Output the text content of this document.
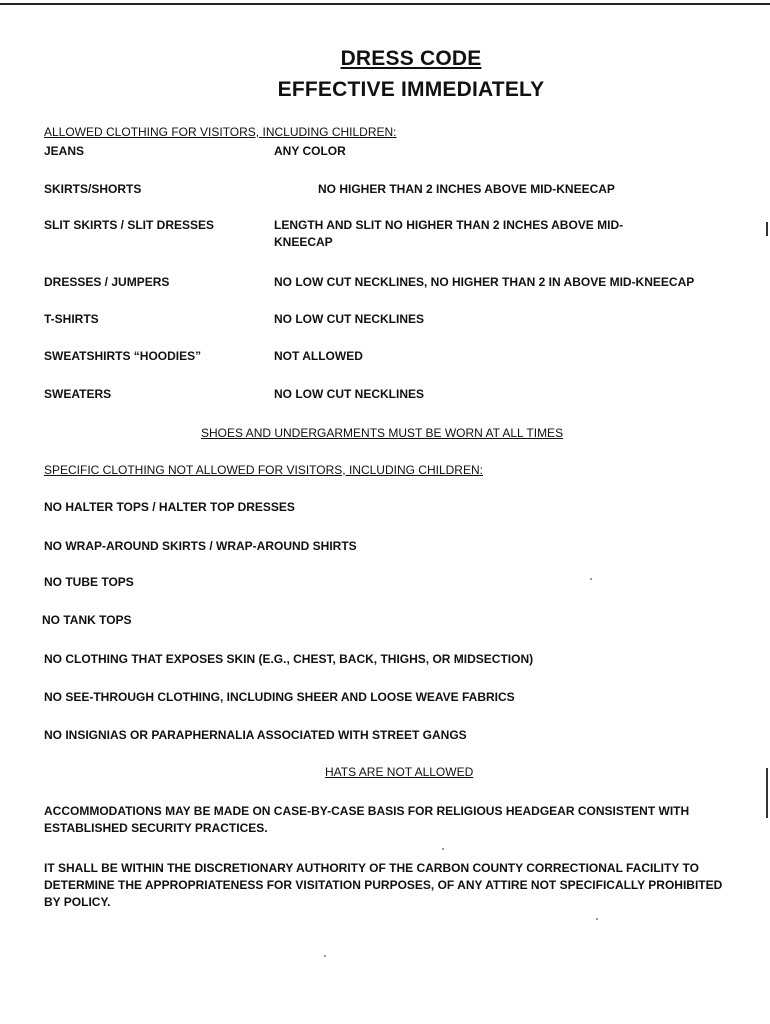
DRESS CODE
EFFECTIVE IMMEDIATELY
ALLOWED CLOTHING FOR VISITORS, INCLUDING CHILDREN:
JEANS	ANY COLOR
SKIRTS/SHORTS	NO HIGHER THAN 2 INCHES ABOVE MID-KNEECAP
SLIT SKIRTS / SLIT DRESSES	LENGTH AND SLIT NO HIGHER THAN 2 INCHES ABOVE MID-KNEECAP
DRESSES / JUMPERS	NO LOW CUT NECKLINES, NO HIGHER THAN 2 IN ABOVE MID-KNEECAP
T-SHIRTS	NO LOW CUT NECKLINES
SWEATSHIRTS “HOODIES”	NOT ALLOWED
SWEATERS	NO LOW CUT NECKLINES
SHOES AND UNDERGARMENTS MUST BE WORN AT ALL TIMES
SPECIFIC CLOTHING NOT ALLOWED FOR VISITORS, INCLUDING CHILDREN:
NO HALTER TOPS / HALTER TOP DRESSES
NO WRAP-AROUND SKIRTS / WRAP-AROUND SHIRTS
NO TUBE TOPS
NO TANK TOPS
NO CLOTHING THAT EXPOSES SKIN (E.G., CHEST, BACK, THIGHS, OR MIDSECTION)
NO SEE-THROUGH CLOTHING, INCLUDING SHEER AND LOOSE WEAVE FABRICS
NO INSIGNIAS OR PARAPHERNALIA ASSOCIATED WITH STREET GANGS
HATS ARE NOT ALLOWED
ACCOMMODATIONS MAY BE MADE ON CASE-BY-CASE BASIS FOR RELIGIOUS HEADGEAR CONSISTENT WITH ESTABLISHED SECURITY PRACTICES.
IT SHALL BE WITHIN THE DISCRETIONARY AUTHORITY OF THE CARBON COUNTY CORRECTIONAL FACILITY TO DETERMINE THE APPROPRIATENESS FOR VISITATION PURPOSES, OF ANY ATTIRE NOT SPECIFICALLY PROHIBITED BY POLICY.
